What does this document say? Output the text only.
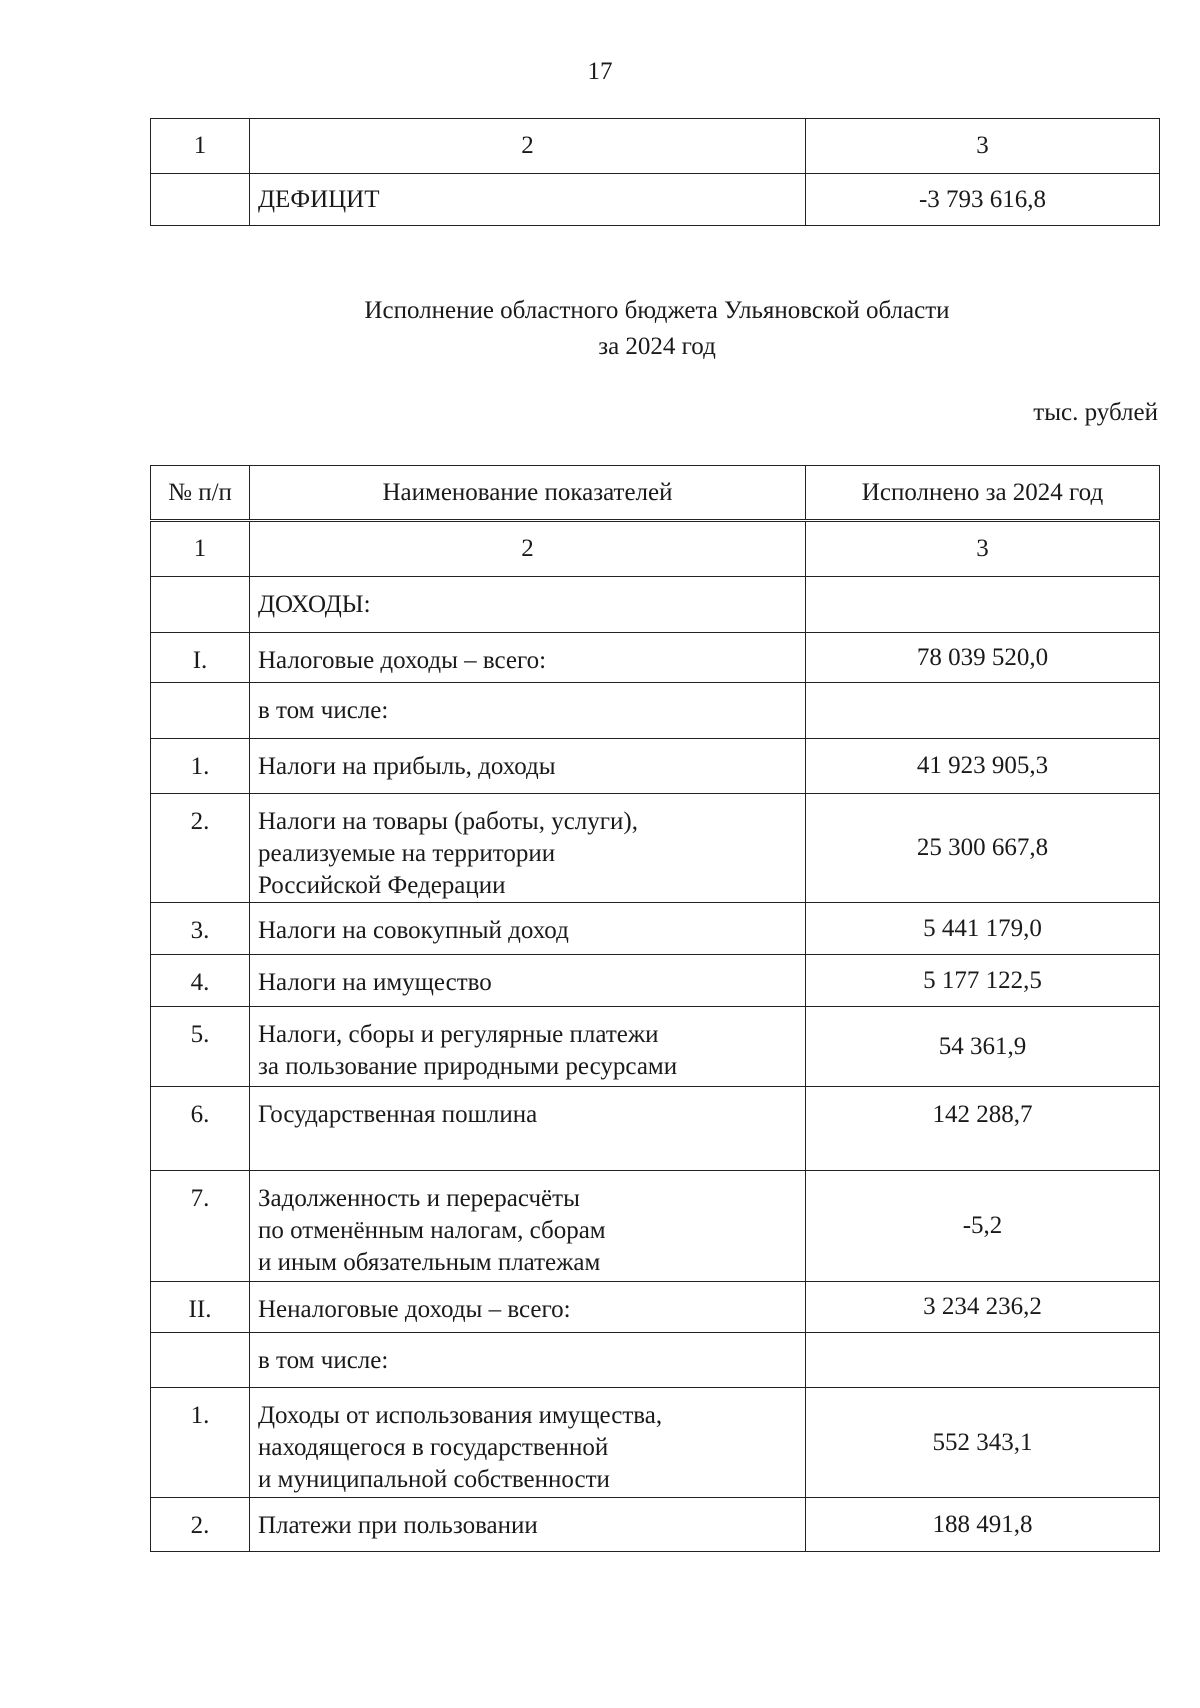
17
1	2	3
	ДЕФИЦИТ	-3 793 616,8
Исполнение областного бюджета Ульяновской области
за 2024 год
тыс. рублей
№ п/п	Наименование показателей	Исполнено за 2024 год
1	2	3

	ДОХОДЫ:	

I.	Налоговые доходы – всего:	78 039 520,0

	в том числе:	

1.	Налоги на прибыль, доходы	41 923 905,3

2.	Налоги на товары (работы, услуги),
реализуемые на территории
Российской Федерации	25 300 667,8

3.	Налоги на совокупный доход	5 441 179,0

4.	Налоги на имущество	5 177 122,5

5.	Налоги, сборы и регулярные платежи
за пользование природными ресурсами	54 361,9

6.	Государственная пошлина	142 288,7

7.	Задолженность и перерасчёты
по отменённым налогам, сборам
и иным обязательным платежам	-5,2

II.	Неналоговые доходы – всего:	3 234 236,2

	в том числе:	

1.	Доходы от использования имущества,
находящегося в государственной
и муниципальной собственности	552 343,1

2.	Платежи при пользовании	188 491,8
